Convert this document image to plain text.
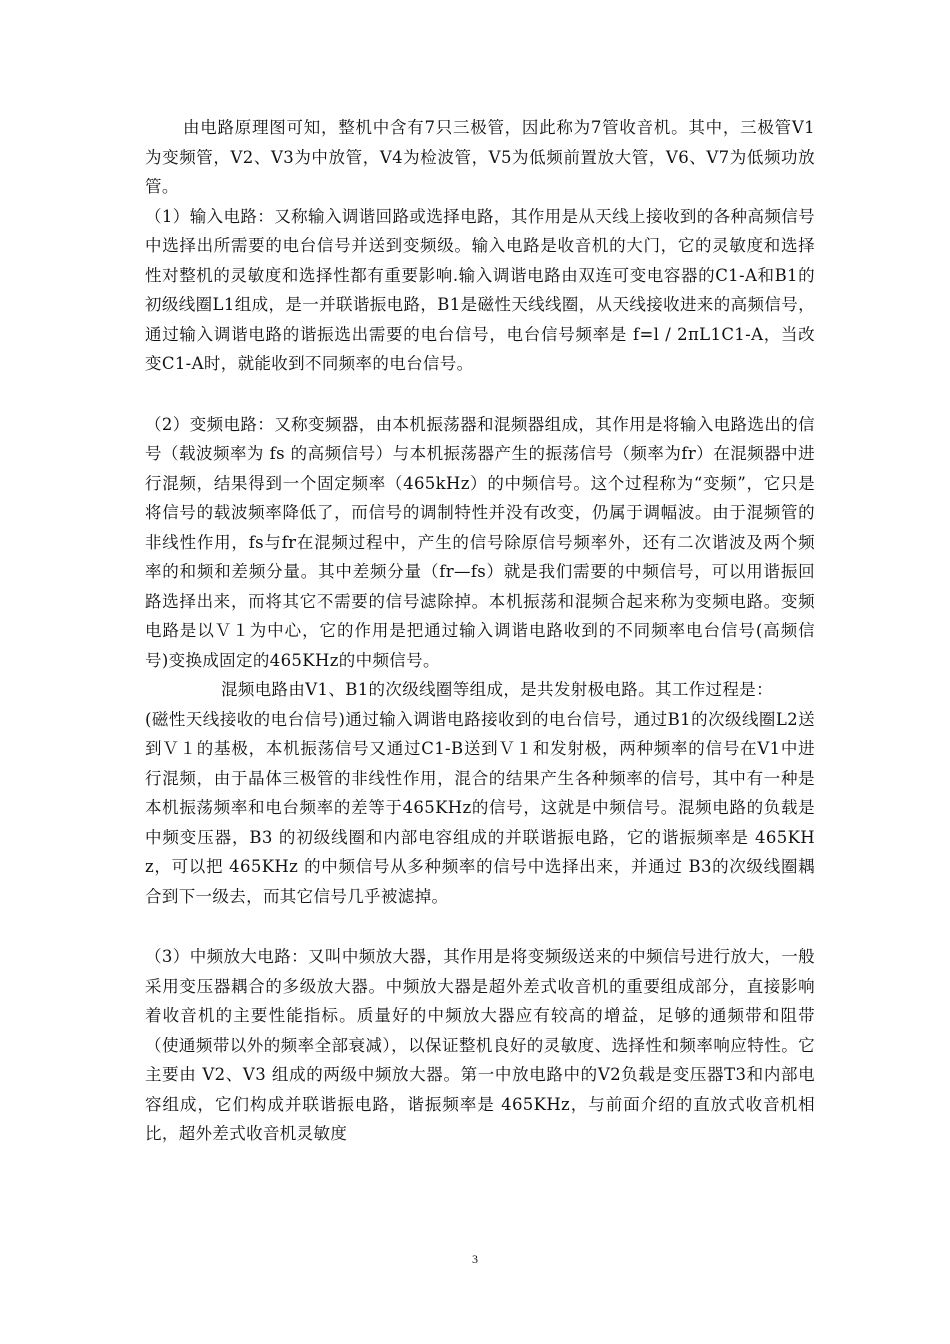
由电路原理图可知，整机中含有7只三极管，因此称为7管收音机。其中，三极管V1为变频管，V2、V3为中放管，V4为检波管，V5为低频前置放大管，V6、V7为低频功放管。

（1）输入电路：又称输入调谐回路或选择电路，其作用是从天线上接收到的各种高频信号中选择出所需要的电台信号并送到变频级。输入电路是收音机的大门，它的灵敏度和选择性对整机的灵敏度和选择性都有重要影响.输入调谐电路由双连可变电容器的C1-A和B1的初级线圈L1组成，是一并联谐振电路，B1是磁性天线线圈，从天线接收进来的高频信号，通过输入调谐电路的谐振选出需要的电台信号，电台信号频率是 f=l / 2πL1C1-A，当改变C1-A时，就能收到不同频率的电台信号。

（2）变频电路：又称变频器，由本机振荡器和混频器组成，其作用是将输入电路选出的信号（载波频率为 fs 的高频信号）与本机振荡器产生的振荡信号（频率为fr）在混频器中进行混频，结果得到一个固定频率（465kHz）的中频信号。这个过程称为“变频”，它只是将信号的载波频率降低了，而信号的调制特性并没有改变，仍属于调幅波。由于混频管的非线性作用，fs与fr在混频过程中，产生的信号除原信号频率外，还有二次谐波及两个频率的和频和差频分量。其中差频分量（fr—fs）就是我们需要的中频信号，可以用谐振回路选择出来，而将其它不需要的信号滤除掉。本机振荡和混频合起来称为变频电路。变频电路是以Ｖ１为中心，它的作用是把通过输入调谐电路收到的不同频率电台信号(高频信号)变换成固定的465KHz的中频信号。

混频电路由V1、B1的次级线圈等组成，是共发射极电路。其工作过程是：

(磁性天线接收的电台信号)通过输入调谐电路接收到的电台信号，通过B1的次级线圈L2送到Ｖ１的基极，本机振荡信号又通过C1-B送到Ｖ１和发射极，两种频率的信号在V1中进行混频，由于晶体三极管的非线性作用，混合的结果产生各种频率的信号，其中有一种是本机振荡频率和电台频率的差等于465KHz的信号，这就是中频信号。混频电路的负载是中频变压器，B3 的初级线圈和内部电容组成的并联谐振电路，它的谐振频率是 465KHz，可以把 465KHz 的中频信号从多种频率的信号中选择出来，并通过 B3的次级线圈耦合到下一级去，而其它信号几乎被滤掉。

（3）中频放大电路：又叫中频放大器，其作用是将变频级送来的中频信号进行放大，一般采用变压器耦合的多级放大器。中频放大器是超外差式收音机的重要组成部分，直接影响着收音机的主要性能指标。质量好的中频放大器应有较高的增益，足够的通频带和阻带（使通频带以外的频率全部衰减），以保证整机良好的灵敏度、选择性和频率响应特性。它主要由 V2、V3 组成的两级中频放大器。第一中放电路中的V2负载是变压器T3和内部电容组成，它们构成并联谐振电路，谐振频率是 465KHz，与前面介绍的直放式收音机相比，超外差式收音机灵敏度

3
